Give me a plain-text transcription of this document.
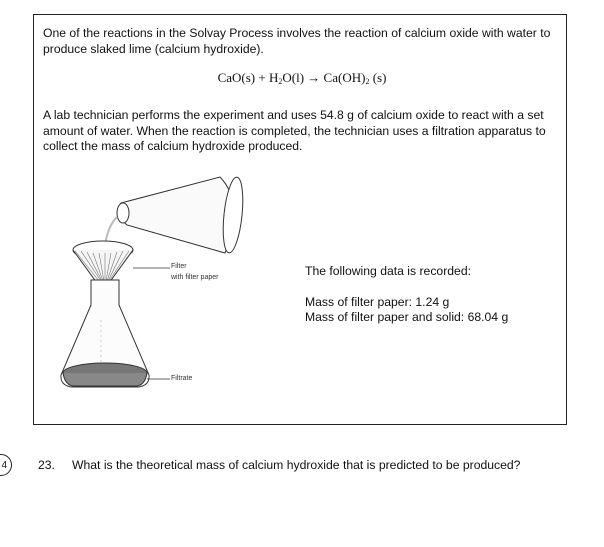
One of the reactions in the Solvay Process involves the reaction of calcium oxide with water to produce slaked lime (calcium hydroxide).

$CaO(s) + H_2O(l) \to Ca(OH)_2$ (s)

A lab technician performs the experiment and uses 54.8 g of calcium oxide to react with a set amount of water. When the reaction is completed, the technician uses a filtration apparatus to collect the mass of calcium hydroxide produced.

Filter
with filter paper
Filtrate

The following data is recorded:

Mass of filter paper: 1.24 g

Mass of filter paper and solid: 68.04 g

4	23. What is the theoretical mass of calcium hydroxide that is predicted to be produced?
